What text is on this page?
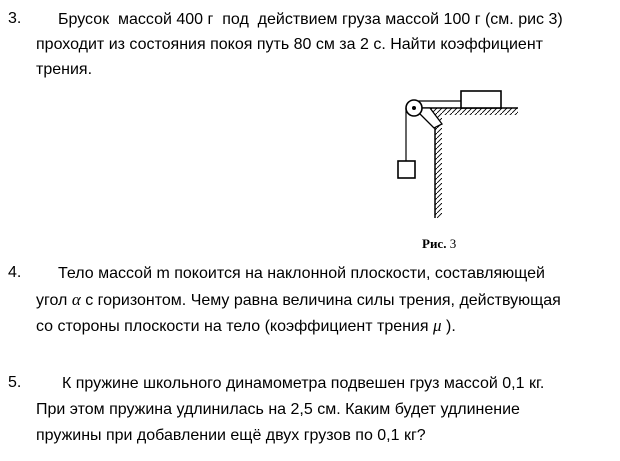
3. Брусок  массой 400 г  под  действием груза массой 100 г (см. рис 3)
проходит из состояния покоя путь 80 см за 2 с. Найти коэффициент
трения.
Рис. 3
4. Тело массой m покоится на наклонной плоскости, составляющей
угол α с горизонтом. Чему равна величина силы трения, действующая
со стороны плоскости на тело (коэффициент трения μ ).
5.	К пружине школьного динамометра подвешен груз массой 0,1 кг.
При этом пружина удлинилась на 2,5 см. Каким будет удлинение
пружины при добавлении ещё двух грузов по 0,1 кг?
